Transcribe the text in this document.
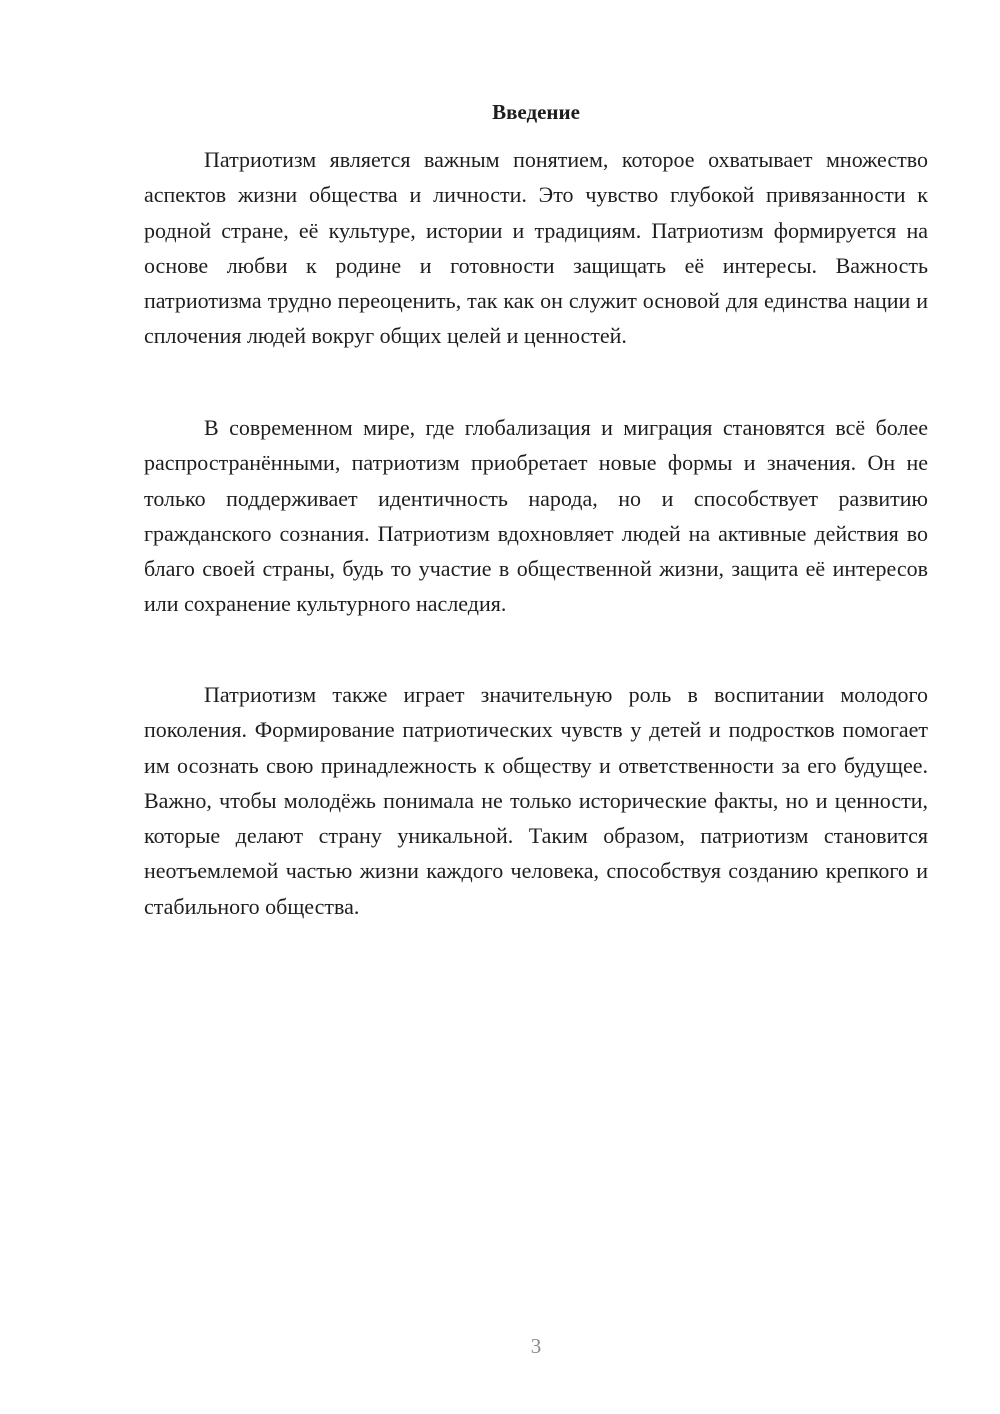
Введение

Патриотизм является важным понятием, которое охватывает множество аспектов жизни общества и личности. Это чувство глубокой привязанности к родной стране, её культуре, истории и традициям. Патриотизм формируется на основе любви к родине и готовности защищать её интересы. Важность патриотизма трудно переоценить, так как он служит основой для единства нации и сплочения людей вокруг общих целей и ценностей.

В современном мире, где глобализация и миграция становятся всё более распространёнными, патриотизм приобретает новые формы и значения. Он не только поддерживает идентичность народа, но и способствует развитию гражданского сознания. Патриотизм вдохновляет людей на активные действия во благо своей страны, будь то участие в общественной жизни, защита её интересов или сохранение культурного наследия.

Патриотизм также играет значительную роль в воспитании молодого поколения. Формирование патриотических чувств у детей и подростков помогает им осознать свою принадлежность к обществу и ответственности за его будущее. Важно, чтобы молодёжь понимала не только исторические факты, но и ценности, которые делают страну уникальной. Таким образом, патриотизм становится неотъемлемой частью жизни каждого человека, способствуя созданию крепкого и стабильного общества.

3
